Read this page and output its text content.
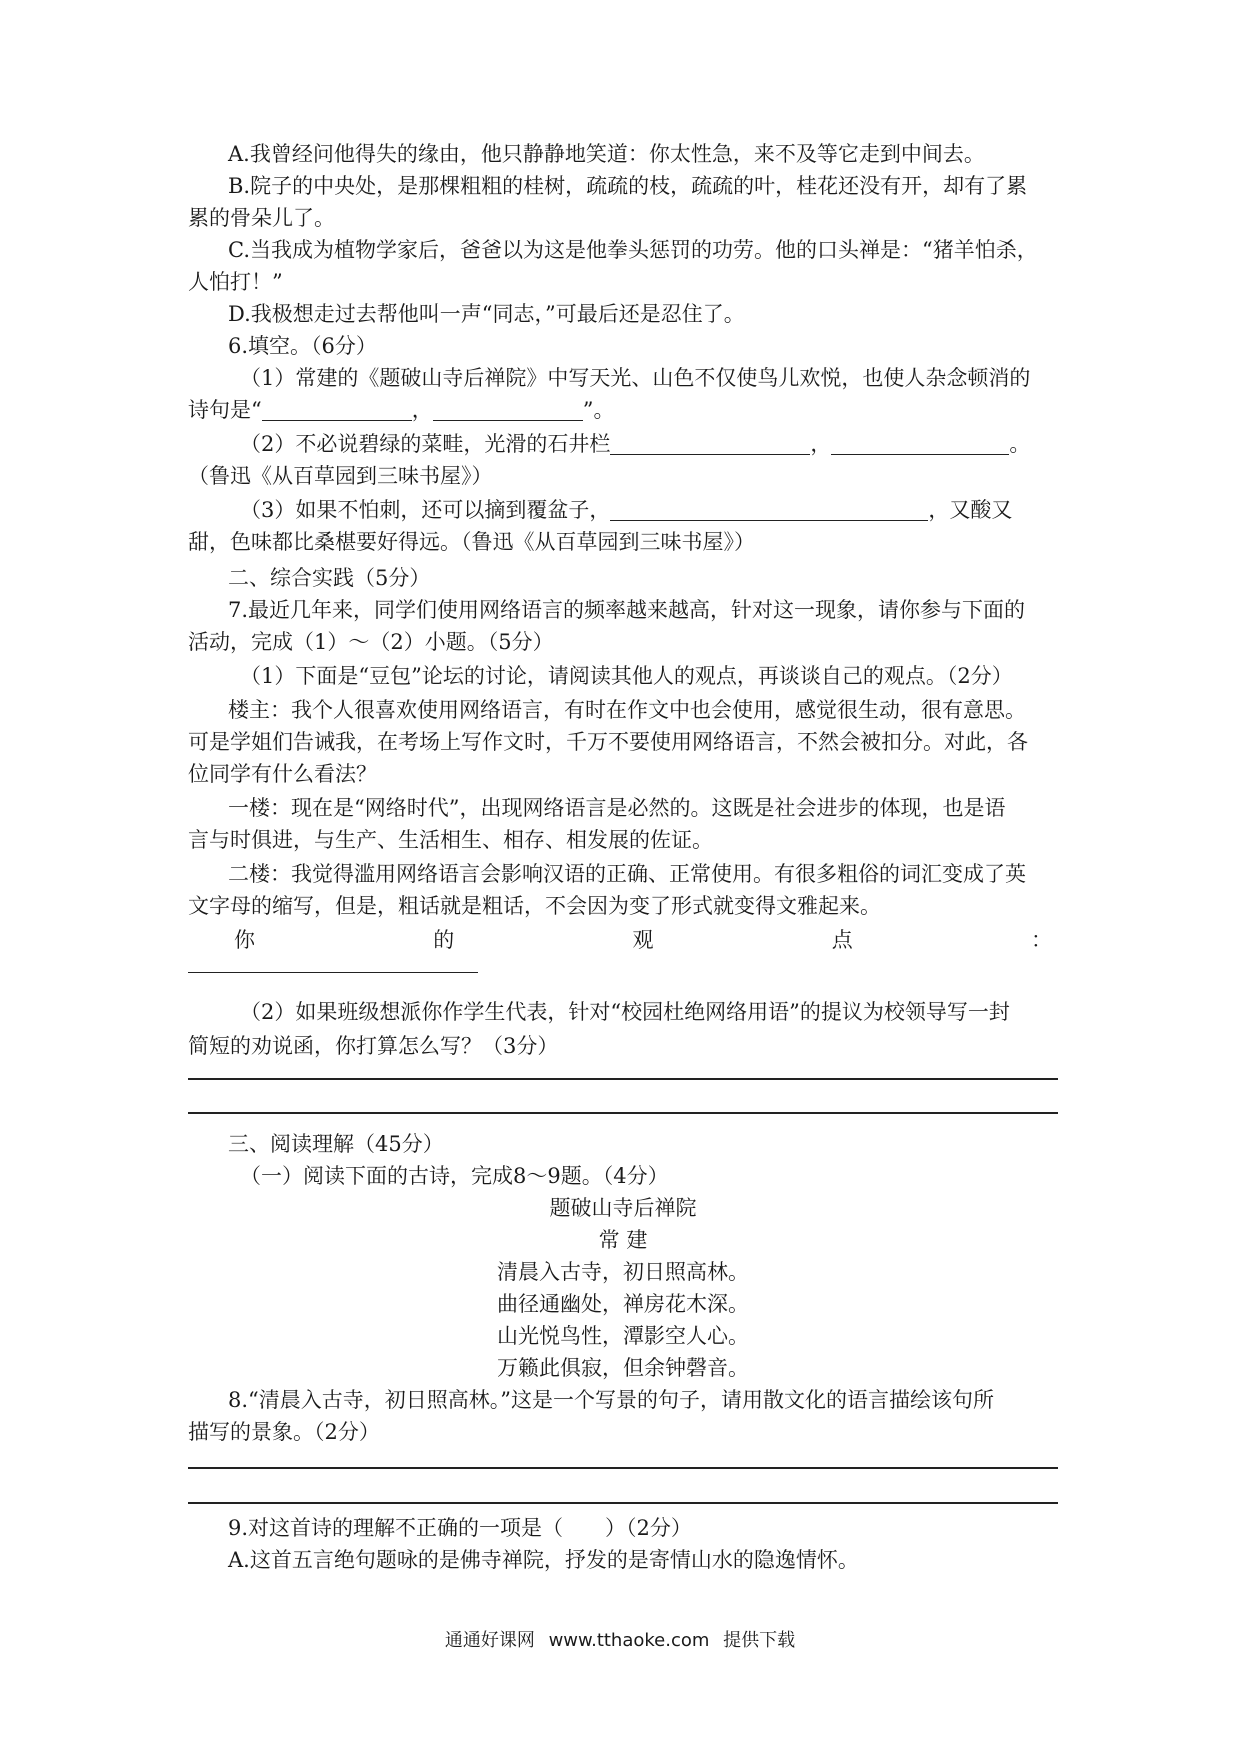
A.我曾经问他得失的缘由，他只静静地笑道：你太性急，来不及等它走到中间去。
B.院子的中央处，是那棵粗粗的桂树，疏疏的枝，疏疏的叶，桂花还没有开，却有了累
累的骨朵儿了。
C.当我成为植物学家后，爸爸以为这是他拳头惩罚的功劳。他的口头禅是：“猪羊怕杀，
人怕打！”
D.我极想走过去帮他叫一声“同志，”可最后还是忍住了。
6.填空。（6分）
（1）常建的《题破山寺后禅院》中写天光、山色不仅使鸟儿欢悦，也使人杂念顿消的
诗句是“	，	”。
（2）不必说碧绿的菜畦，光滑的石井栏	，	。
（鲁迅《从百草园到三味书屋》）
（3）如果不怕刺，还可以摘到覆盆子，	，又酸又
甜，色味都比桑椹要好得远。（鲁迅《从百草园到三味书屋》）
二、综合实践（5分）
7.最近几年来，同学们使用网络语言的频率越来越高，针对这一现象，请你参与下面的
活动，完成（1）～（2）小题。（5分）
（1）下面是“豆包”论坛的讨论，请阅读其他人的观点，再谈谈自己的观点。（2分）
楼主：我个人很喜欢使用网络语言，有时在作文中也会使用，感觉很生动，很有意思。
可是学姐们告诫我，在考场上写作文时，千万不要使用网络语言，不然会被扣分。对此，各
位同学有什么看法？
一楼：现在是“网络时代”，出现网络语言是必然的。这既是社会进步的体现，也是语
言与时俱进，与生产、生活相生、相存、相发展的佐证。
二楼：我觉得滥用网络语言会影响汉语的正确、正常使用。有很多粗俗的词汇变成了英
文字母的缩写，但是，粗话就是粗话，不会因为变了形式就变得文雅起来。
你	的	观	点	：
（2）如果班级想派你作学生代表，针对“校园杜绝网络用语”的提议为校领导写一封
简短的劝说函，你打算怎么写？（3分）
三、阅读理解（45分）
（一）阅读下面的古诗，完成8～9题。（4分）
题破山寺后禅院
常 建
清晨入古寺，初日照高林。
曲径通幽处，禅房花木深。
山光悦鸟性，潭影空人心。
万籁此俱寂，但余钟磬音。
8.“清晨入古寺，初日照高林。”这是一个写景的句子，请用散文化的语言描绘该句所
描写的景象。（2分）
9.对这首诗的理解不正确的一项是（　　）（2分）
A.这首五言绝句题咏的是佛寺禅院，抒发的是寄情山水的隐逸情怀。
通通好课网 www.tthaoke.com 提供下载
